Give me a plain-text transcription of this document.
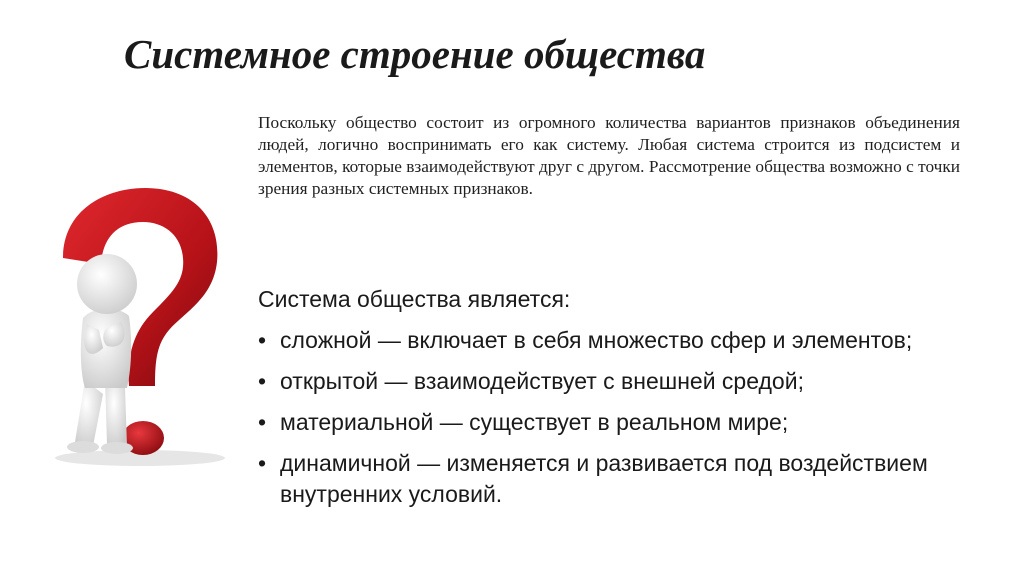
Системное строение общества
Поскольку общество состоит из огромного количества вариантов признаков объединения людей, логично воспринимать его как систему. Любая система строится из подсистем и элементов, которые взаимодействуют друг с другом. Рассмотрение общества возможно с точки зрения разных системных признаков.
Система общества является:
• сложной — включает в себя множество сфер и элементов;
• открытой — взаимодействует с внешней средой;
• материальной — существует в реальном мире;
• динамичной — изменяется и развивается под воздействием внутренних условий.
